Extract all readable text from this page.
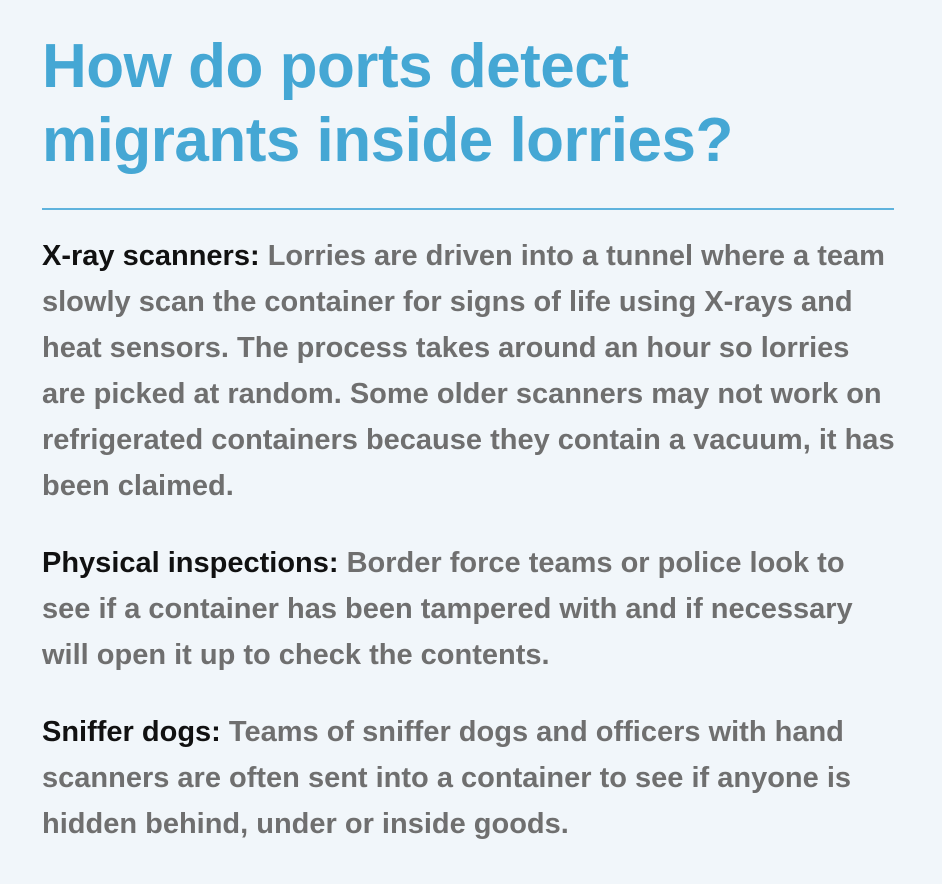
How do ports detect
migrants inside lorries?

X-ray scanners: Lorries are driven into a tunnel where a team slowly scan the container for signs of life using X-rays and heat sensors. The process takes around an hour so lorries are picked at random. Some older scanners may not work on refrigerated containers because they contain a vacuum, it has been claimed.

Physical inspections: Border force teams or police look to see if a container has been tampered with and if necessary will open it up to check the contents.

Sniffer dogs: Teams of sniffer dogs and officers with hand scanners are often sent into a container to see if anyone is hidden behind, under or inside goods.
